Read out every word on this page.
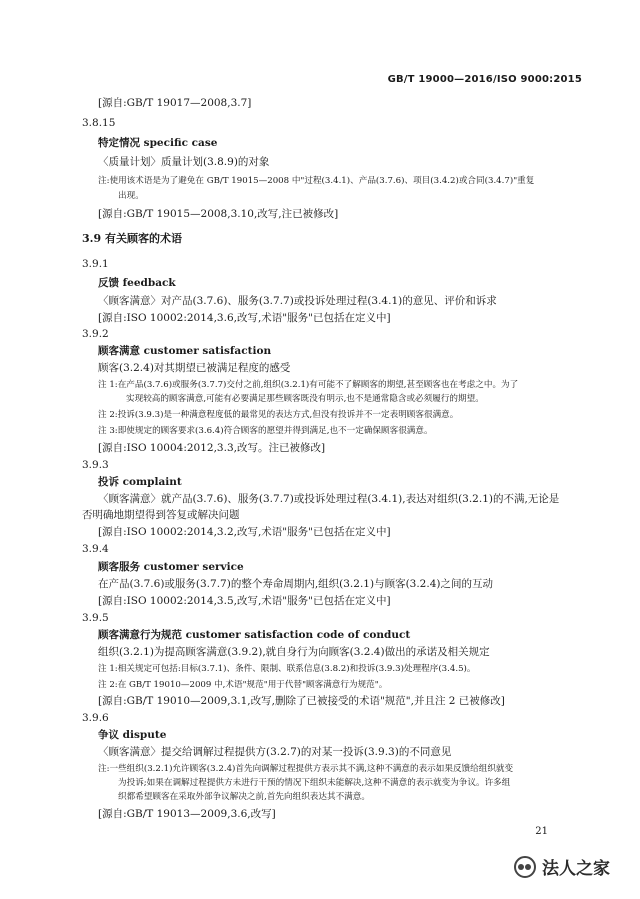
GB/T 19000—2016/ISO 9000:2015
[源自:GB/T 19017—2008,3.7]
3.8.15
特定情况 specific case
〈质量计划〉质量计划(3.8.9)的对象
注:使用该术语是为了避免在 GB/T 19015—2008 中"过程(3.4.1)、产品(3.7.6)、项目(3.4.2)或合同(3.4.7)"重复
出现。
[源自:GB/T 19015—2008,3.10,改写,注已被修改]
3.9 有关顾客的术语
3.9.1
反馈 feedback
〈顾客满意〉对产品(3.7.6)、服务(3.7.7)或投诉处理过程(3.4.1)的意见、评价和诉求
[源自:ISO 10002:2014,3.6,改写,术语"服务"已包括在定义中]
3.9.2
顾客满意 customer satisfaction
顾客(3.2.4)对其期望已被满足程度的感受
注 1:在产品(3.7.6)或服务(3.7.7)交付之前,组织(3.2.1)有可能不了解顾客的期望,甚至顾客也在考虑之中。为了
实现较高的顾客满意,可能有必要满足那些顾客既没有明示,也不是通常隐含或必须履行的期望。
注 2:投诉(3.9.3)是一种满意程度低的最常见的表达方式,但没有投诉并不一定表明顾客很满意。
注 3:即使规定的顾客要求(3.6.4)符合顾客的愿望并得到满足,也不一定确保顾客很满意。
[源自:ISO 10004:2012,3.3,改写。注已被修改]
3.9.3
投诉 complaint
〈顾客满意〉就产品(3.7.6)、服务(3.7.7)或投诉处理过程(3.4.1),表达对组织(3.2.1)的不满,无论是
否明确地期望得到答复或解决问题
[源自:ISO 10002:2014,3.2,改写,术语"服务"已包括在定义中]
3.9.4
顾客服务 customer service
在产品(3.7.6)或服务(3.7.7)的整个寿命周期内,组织(3.2.1)与顾客(3.2.4)之间的互动
[源自:ISO 10002:2014,3.5,改写,术语"服务"已包括在定义中]
3.9.5
顾客满意行为规范 customer satisfaction code of conduct
组织(3.2.1)为提高顾客满意(3.9.2),就自身行为向顾客(3.2.4)做出的承诺及相关规定
注 1:相关规定可包括:目标(3.7.1)、条件、限制、联系信息(3.8.2)和投诉(3.9.3)处理程序(3.4.5)。
注 2:在 GB/T 19010—2009 中,术语"规范"用于代替"顾客满意行为规范"。
[源自:GB/T 19010—2009,3.1,改写,删除了已被接受的术语"规范",并且注 2 已被修改]
3.9.6
争议 dispute
〈顾客满意〉提交给调解过程提供方(3.2.7)的对某一投诉(3.9.3)的不同意见
注:一些组织(3.2.1)允许顾客(3.2.4)首先向调解过程提供方表示其不满,这种不满意的表示如果反馈给组织就变
为投诉;如果在调解过程提供方未进行干预的情况下组织未能解决,这种不满意的表示就变为争议。许多组
织都希望顾客在采取外部争议解决之前,首先向组织表达其不满意。
[源自:GB/T 19013—2009,3.6,改写]
21
法人之家
